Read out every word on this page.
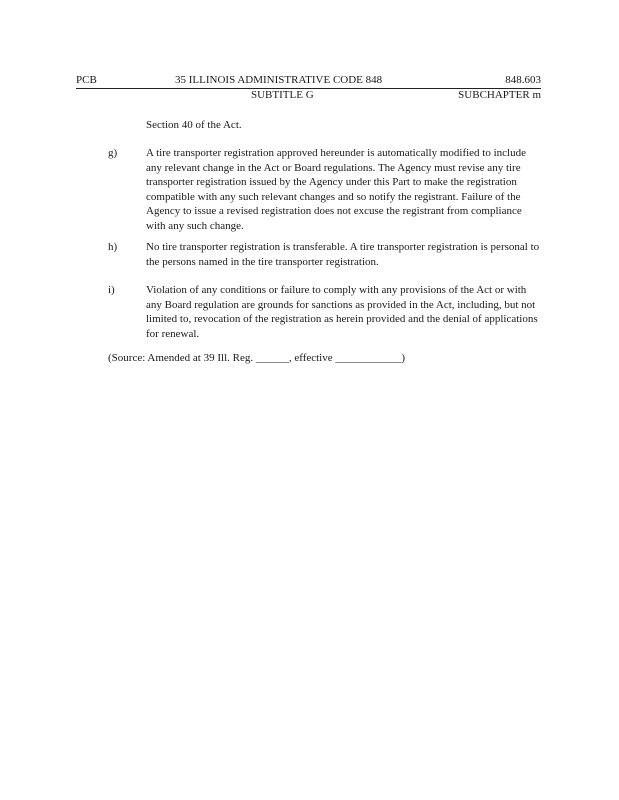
PCB	35 ILLINOIS ADMINISTRATIVE CODE 848	848.603
SUBTITLE G	SUBCHAPTER m
Section 40 of the Act.
g)	A tire transporter registration approved hereunder is automatically modified to include any relevant change in the Act or Board regulations. The Agency must revise any tire transporter registration issued by the Agency under this Part to make the registration compatible with any such relevant changes and so notify the registrant. Failure of the Agency to issue a revised registration does not excuse the registrant from compliance with any such change.
h)	No tire transporter registration is transferable. A tire transporter registration is personal to the persons named in the tire transporter registration.
i)	Violation of any conditions or failure to comply with any provisions of the Act or with any Board regulation are grounds for sanctions as provided in the Act, including, but not limited to, revocation of the registration as herein provided and the denial of applications for renewal.
(Source: Amended at 39 Ill. Reg. ______, effective ____________)
